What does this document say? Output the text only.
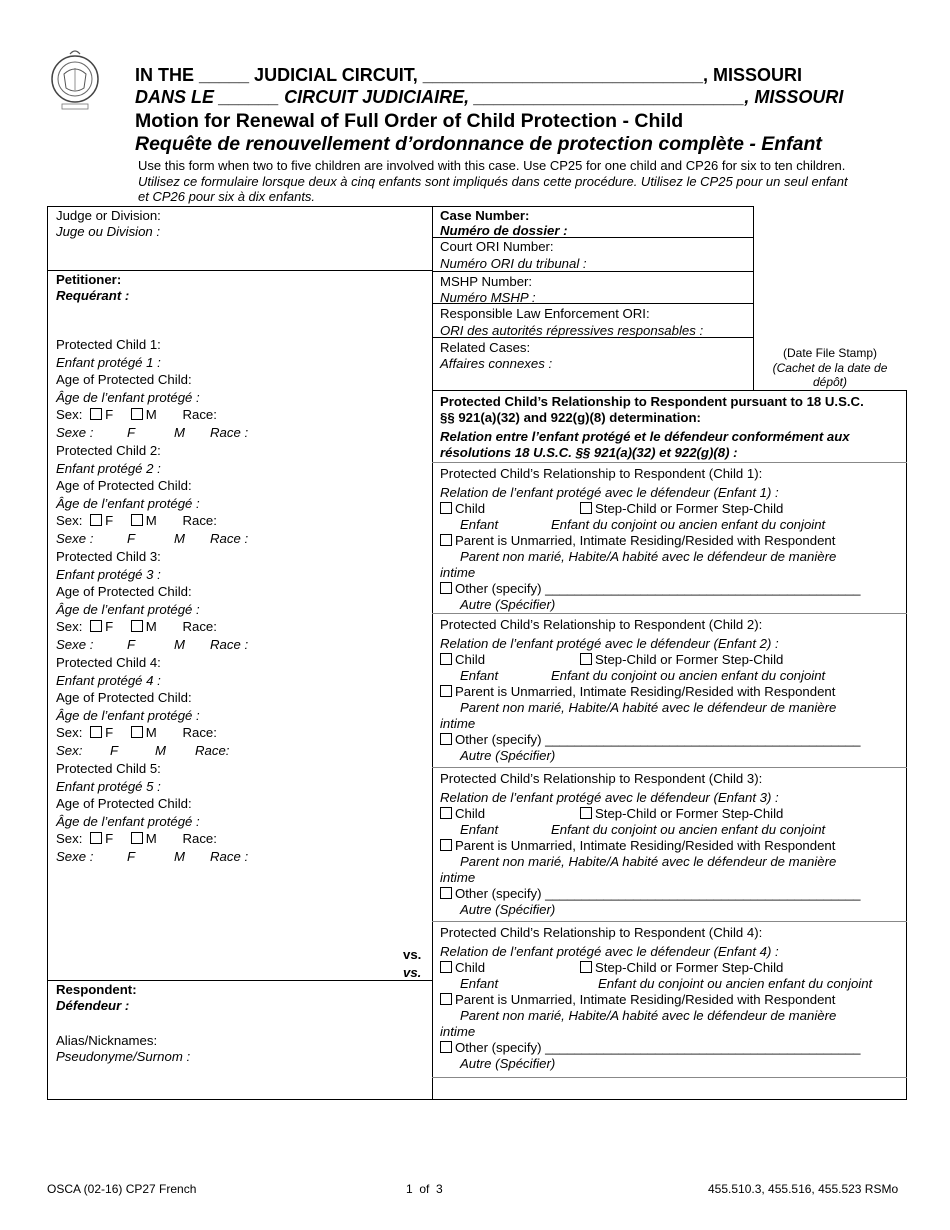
IN THE _____ JUDICIAL CIRCUIT, ____________________________, MISSOURI
DANS LE ______ CIRCUIT JUDICIAIRE, ___________________________, MISSOURI
Motion for Renewal of Full Order of Child Protection - Child
Requête de renouvellement d’ordonnance de protection complète - Enfant
Use this form when two to five children are involved with this case. Use CP25 for one child and CP26 for six to ten children.
Utilisez ce formulaire lorsque deux à cinq enfants sont impliqués dans cette procédure. Utilisez le CP25 pour un seul enfant
et CP26 pour six à dix enfants.
Judge or Division:
Juge ou Division :
Petitioner:
Requérant :
Protected Child 1:
Enfant protégé 1 :
Age of Protected Child:
Âge de l’enfant protégé :
Sex: F M Race:
Sexe :	F	M Race :
Protected Child 2:
Enfant protégé 2 :
Age of Protected Child:
Âge de l’enfant protégé :
Sex: F M Race:
Sexe :	F	M Race :
Protected Child 3:
Enfant protégé 3 :
Age of Protected Child:
Âge de l’enfant protégé :
Sex: F M Race:
Sexe :	F	M Race :
Protected Child 4:
Enfant protégé 4 :
Age of Protected Child:
Âge de l’enfant protégé :
Sex: F M Race:
Sex: F	M Race:
Protected Child 5:
Enfant protégé 5 :
Age of Protected Child:
Âge de l’enfant protégé :
Sex: F M Race:
Sexe :	F	M Race :
vs.
vs.
Respondent:
Défendeur :
Alias/Nicknames:
Pseudonyme/Surnom :
Case Number:
Numéro de dossier :
Court ORI Number:
Numéro ORI du tribunal :
MSHP Number:
Numéro MSHP :
Responsible Law Enforcement ORI:
ORI des autorités répressives responsables :
Related Cases:
Affaires connexes :
(Date File Stamp)
(Cachet de la date de
dépôt)
Protected Child’s Relationship to Respondent pursuant to 18 U.S.C.
§§ 921(a)(32) and 922(g)(8) determination:
Relation entre l’enfant protégé et le défendeur conformément aux
résolutions 18 U.S.C. §§ 921(a)(32) et 922(g)(8) :
Protected Child’s Relationship to Respondent (Child 1):
Relation de l’enfant protégé avec le défendeur (Enfant 1) :
Child	Step-Child or Former Step-Child
Enfant	Enfant du conjoint ou ancien enfant du conjoint
Parent is Unmarried, Intimate Residing/Resided with Respondent
Parent non marié, Habite/A habité avec le défendeur de manière
intime
Other (specify) ___________________________________________
Autre (Spécifier)
Protected Child’s Relationship to Respondent (Child 2):
Relation de l’enfant protégé avec le défendeur (Enfant 2) :
Child	Step-Child or Former Step-Child
Enfant	Enfant du conjoint ou ancien enfant du conjoint
Parent is Unmarried, Intimate Residing/Resided with Respondent
Parent non marié, Habite/A habité avec le défendeur de manière
intime
Other (specify) ___________________________________________
Autre (Spécifier)
Protected Child’s Relationship to Respondent (Child 3):
Relation de l’enfant protégé avec le défendeur (Enfant 3) :
Child	Step-Child or Former Step-Child
Enfant	Enfant du conjoint ou ancien enfant du conjoint
Parent is Unmarried, Intimate Residing/Resided with Respondent
Parent non marié, Habite/A habité avec le défendeur de manière
intime
Other (specify) ___________________________________________
Autre (Spécifier)
Protected Child’s Relationship to Respondent (Child 4):
Relation de l’enfant protégé avec le défendeur (Enfant 4) :
Child	Step-Child or Former Step-Child
Enfant	Enfant du conjoint ou ancien enfant du conjoint
Parent is Unmarried, Intimate Residing/Resided with Respondent
Parent non marié, Habite/A habité avec le défendeur de manière
intime
Other (specify) ___________________________________________
Autre (Spécifier)
OSCA (02-16) CP27 French	1  of  3	455.510.3, 455.516, 455.523 RSMo
